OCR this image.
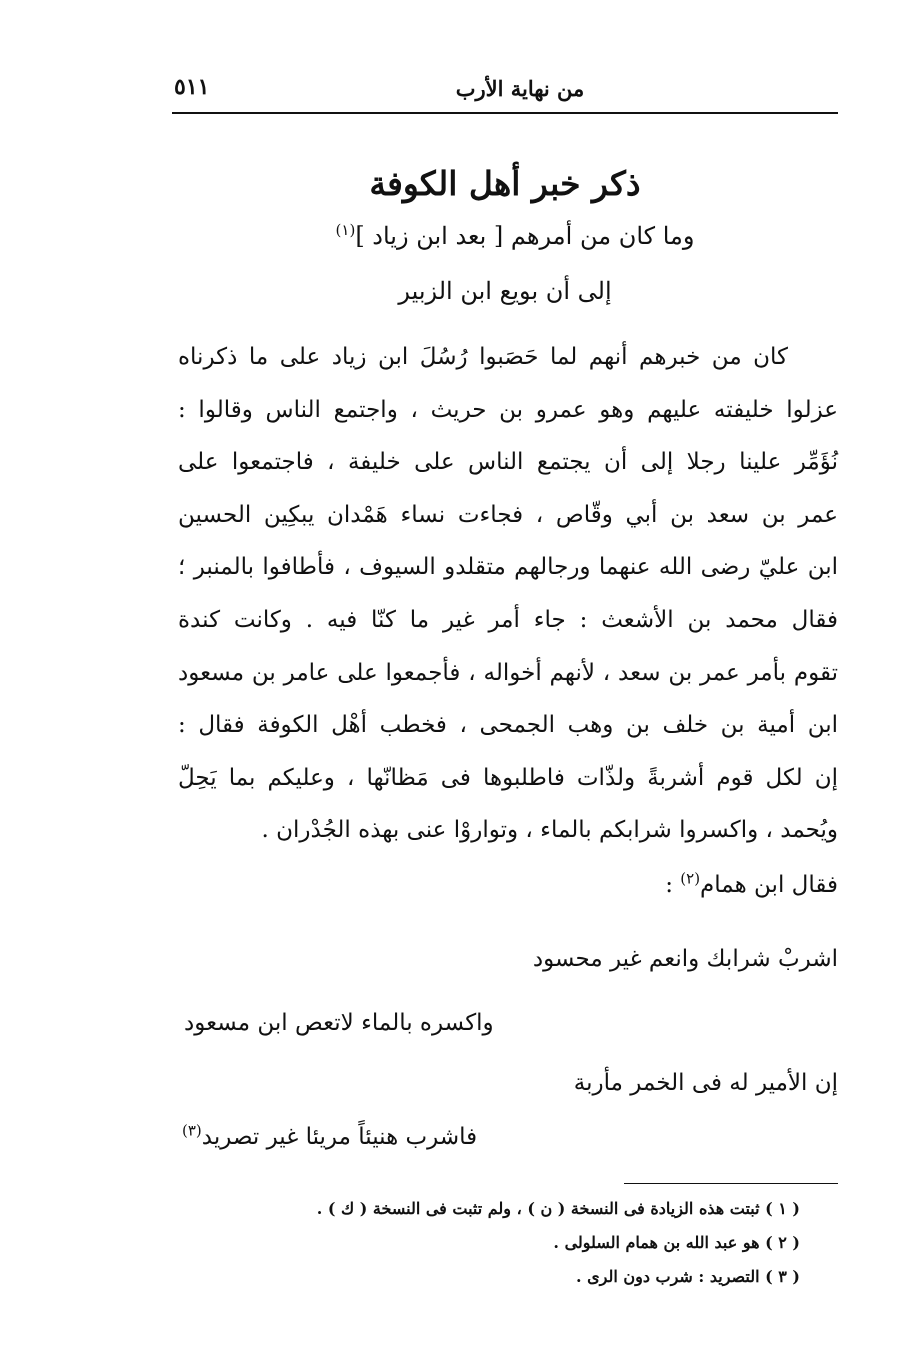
٥١١	من نهاية الأرب
ذكر خبر أهل الكوفة
وما كان من أمرهم [ بعد ابن زياد ]$^{(١)}$
إلى أن بويع ابن الزبير
كان من خبرهم أنهم لما حَصَبوا رُسُلَ ابن زياد على ما ذكرناه
عزلوا خليفته عليهم وهو عمرو بن حريث ، واجتمع الناس وقالوا :
نُؤَمِّر علينا رجلا إلى أن يجتمع الناس على خليفة ، فاجتمعوا على
عمر بن سعد بن أبي وقّاص ، فجاءت نساء هَمْدان يبكِين الحسين
ابن عليّ رضى الله عنهما ورجالهم متقلدو السيوف ، فأطافوا بالمنبر ؛
فقال محمد بن الأشعث : جاء أمر غير ما كنّا فيه . وكانت كندة
تقوم بأمر عمر بن سعد ، لأنهم أخواله ، فأجمعوا على عامر بن مسعود
ابن أمية بن خلف بن وهب الجمحى ، فخطب أهْل الكوفة فقال :
إن لكل قوم أشربةً ولذّات فاطلبوها فى مَظانّها ، وعليكم بما يَحِلّ
ويُحمد ، واكسروا شرابكم بالماء ، وتواروْا عنى بهذه الجُدْران .
فقال ابن همام$^{(٢)}$ :
اشربْ شرابك وانعم غير محسود
واكسره بالماء لاتعص ابن مسعود
إن الأمير له فى الخمر مأربة
فاشرب هنيئاً مريئا غير تصريد$^{(٣)}$
( ١ ) ثبتت هذه الزيادة فى النسخة ( ن ) ، ولم تثبت فى النسخة ( ك ) .
( ٢ ) هو عبد الله بن همام السلولى .
( ٣ ) التصريد : شرب دون الرى .
